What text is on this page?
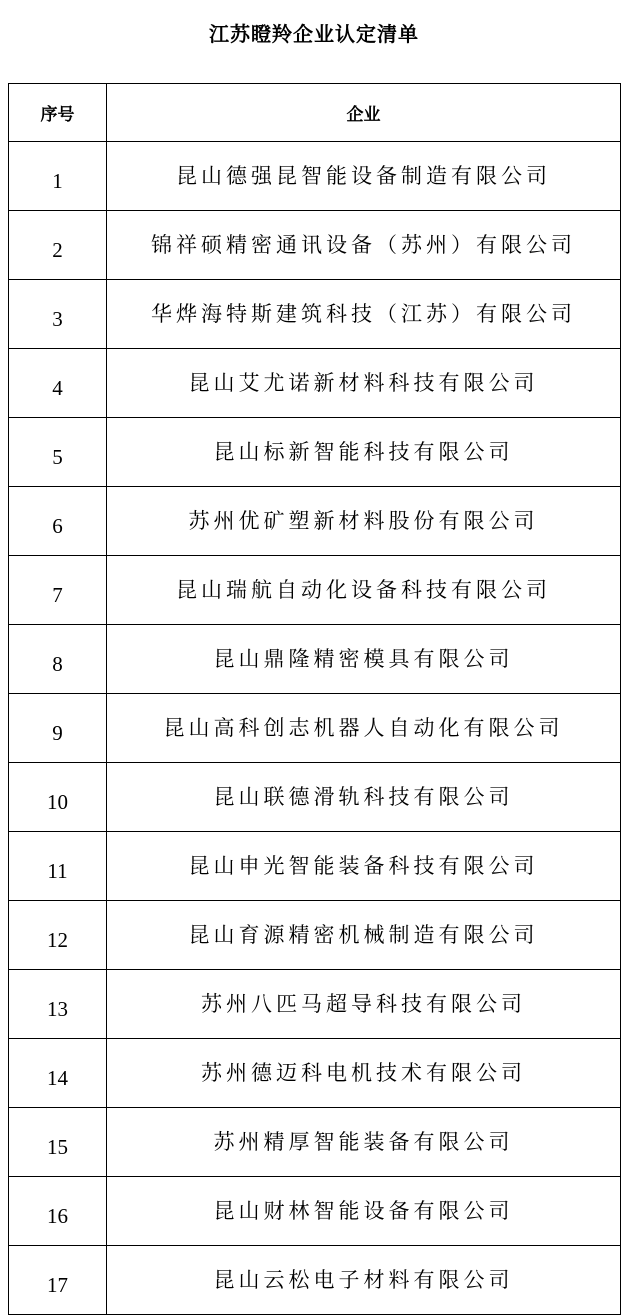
江苏瞪羚企业认定清单
序号	企业
1	昆山德强昆智能设备制造有限公司
2	锦祥硕精密通讯设备（苏州）有限公司
3	华烨海特斯建筑科技（江苏）有限公司
4	昆山艾尤诺新材料科技有限公司
5	昆山标新智能科技有限公司
6	苏州优矿塑新材料股份有限公司
7	昆山瑞航自动化设备科技有限公司
8	昆山鼎隆精密模具有限公司
9	昆山高科创志机器人自动化有限公司
10	昆山联德滑轨科技有限公司
11	昆山申光智能装备科技有限公司
12	昆山育源精密机械制造有限公司
13	苏州八匹马超导科技有限公司
14	苏州德迈科电机技术有限公司
15	苏州精厚智能装备有限公司
16	昆山财林智能设备有限公司
17	昆山云松电子材料有限公司
